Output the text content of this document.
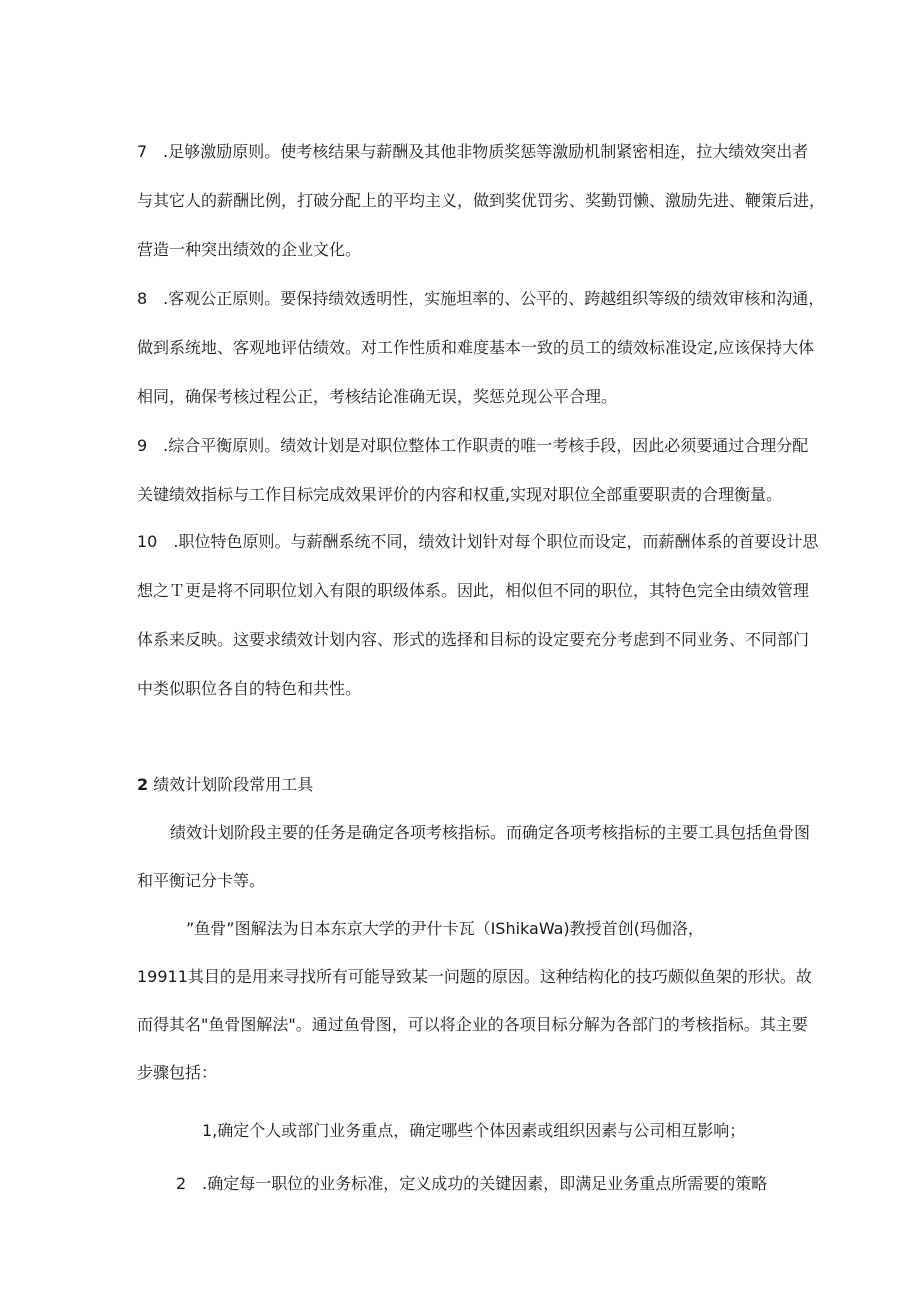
7　.足够激励原则。使考核结果与薪酬及其他非物质奖惩等激励机制紧密相连，拉大绩效突出者

与其它人的薪酬比例，打破分配上的平均主义，做到奖优罚劣、奖勤罚懒、激励先进、鞭策后进，

营造一种突出绩效的企业文化。

8　.客观公正原则。要保持绩效透明性，实施坦率的、公平的、跨越组织等级的绩效审核和沟通，

做到系统地、客观地评估绩效。对工作性质和难度基本一致的员工的绩效标准设定,应该保持大体

相同，确保考核过程公正，考核结论准确无误，奖惩兑现公平合理。

9　.综合平衡原则。绩效计划是对职位整体工作职责的唯一考核手段，因此必须要通过合理分配

关键绩效指标与工作目标完成效果评价的内容和权重,实现对职位全部重要职责的合理衡量。

10　.职位特色原则。与薪酬系统不同，绩效计划针对每个职位而设定，而薪酬体系的首要设计思

想之Ｔ更是将不同职位划入有限的职级体系。因此，相似但不同的职位，其特色完全由绩效管理

体系来反映。这要求绩效计划内容、形式的选择和目标的设定要充分考虑到不同业务、不同部门

中类似职位各自的特色和共性。

2 绩效计划阶段常用工具

绩效计划阶段主要的任务是确定各项考核指标。而确定各项考核指标的主要工具包括鱼骨图

和平衡记分卡等。

”鱼骨”图解法为日本东京大学的尹什卡瓦（IShikaWa)教授首创(玛伽洛，

19911其目的是用来寻找所有可能导致某一问题的原因。这种结构化的技巧颇似鱼架的形状。故

而得其名"鱼骨图解法"。通过鱼骨图，可以将企业的各项目标分解为各部门的考核指标。其主要

步骤包括：

1,确定个人或部门业务重点，确定哪些个体因素或组织因素与公司相互影响；

2　.确定每一职位的业务标准，定义成功的关键因素，即满足业务重点所需要的策略
